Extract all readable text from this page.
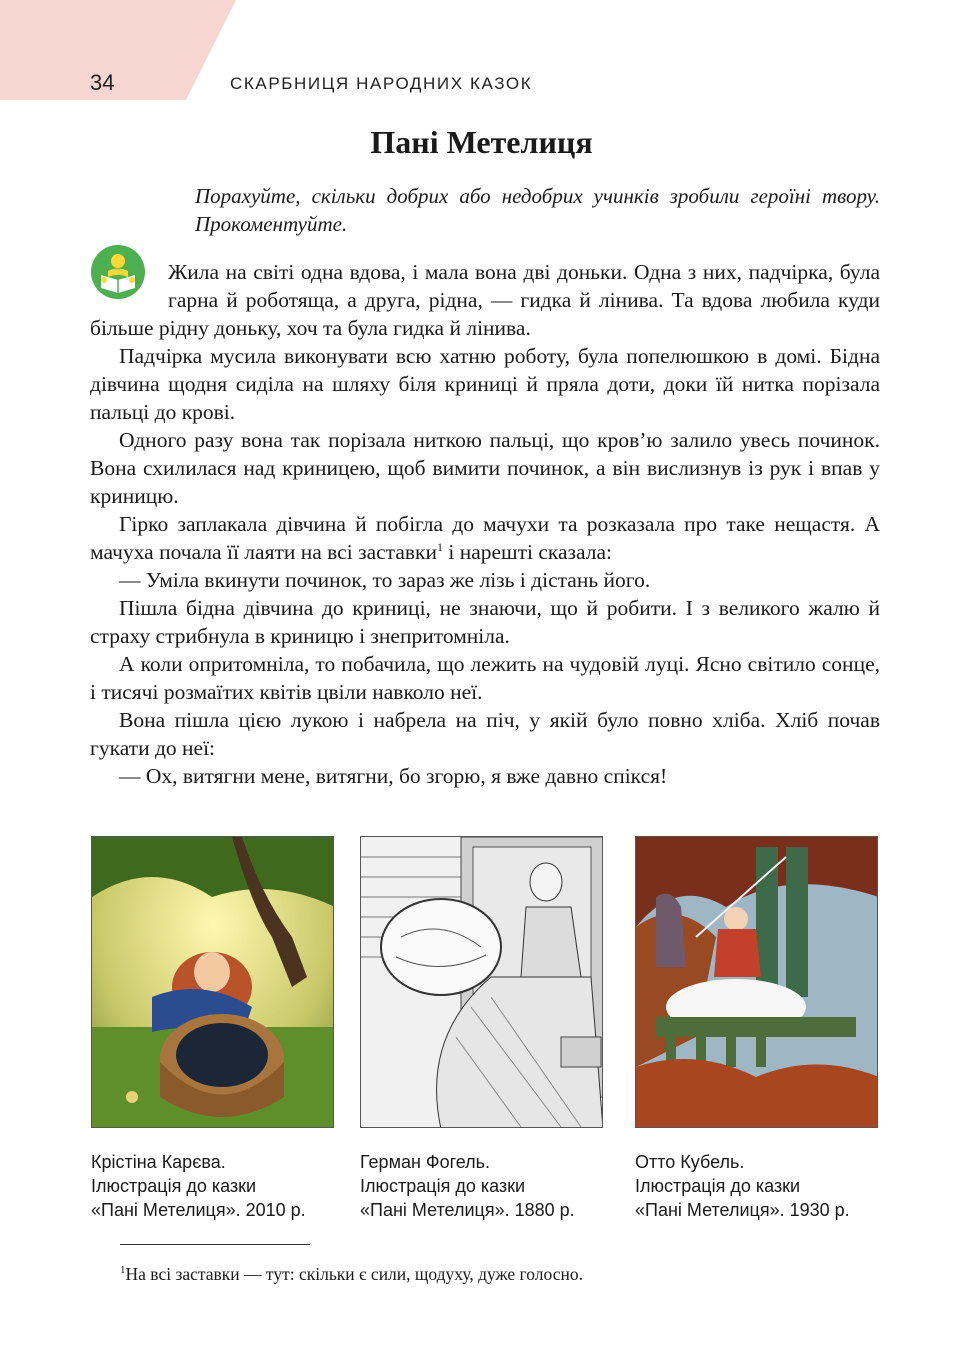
34	СКАРБНИЦЯ НАРОДНИХ КАЗОК
Пані Метелиця

Порахуйте, скільки добрих або недобрих учинків зробили героїні твору. Прокоментуйте.

Жила на світі одна вдова, і мала вона дві доньки. Одна з них, падчірка, була гарна й роботяща, а друга, рідна, — гидка й лінива. Та вдова любила куди більше рідну доньку, хоч та була гидка й лінива.

Падчірка мусила виконувати всю хатню роботу, була попелюшкою в домі. Бідна дівчина щодня сиділа на шляху біля криниці й пряла доти, доки їй нитка порізала пальці до крові.

Одного разу вона так порізала ниткою пальці, що кров’ю залило увесь починок. Вона схилилася над криницею, щоб вимити починок, а він вислизнув із рук і впав у криницю.

Гірко заплакала дівчина й побігла до мачухи та розказала про таке нещастя. А мачуха почала її лаяти на всі заставки$^1$ і нарешті сказала:

— Уміла вкинути починок, то зараз же лізь і дістань його.

Пішла бідна дівчина до криниці, не знаючи, що й робити. І з великого жалю й страху стрибнула в криницю і знепритомніла.

А коли опритомніла, то побачила, що лежить на чудовій луці. Ясно світило сонце, і тисячі розмаїтих квітів цвіли навколо неї.

Вона пішла цією лукою і набрела на піч, у якій було повно хліба. Хліб почав гукати до неї:

— Ох, витягни мене, витягни, бо згорю, я вже давно спікся!

Крістіна Карєва.
Ілюстрація до казки
«Пані Метелиця». 2010 р.
Герман Фогель.
Ілюстрація до казки
«Пані Метелиця». 1880 р.
Отто Кубель.
Ілюстрація до казки
«Пані Метелиця». 1930 р.
$^1$На всі заставки — тут: скільки є сили, щодуху, дуже голосно.
